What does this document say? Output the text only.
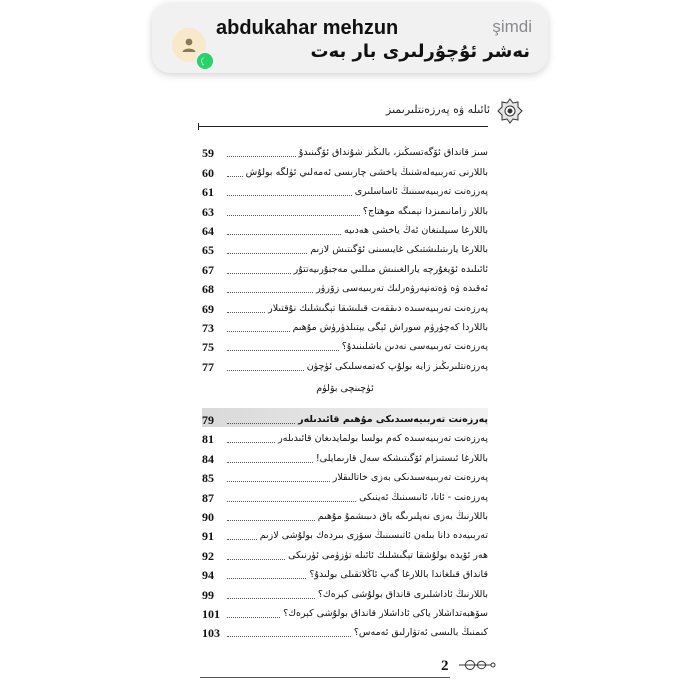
abdukahar mehzun	şimdi
نەشر ئۇچۇرلىرى بار بەت
ئائىلە ۋە پەرزەنتلىرىمىز
59	سىز قانداق ئۆگەتسىڭىز، بالىڭىز شۇنداق ئۆگىنىدۇ
60	باللارنى تەربىيەلەشنىڭ ياخشى چارىسى ئەمەلىي ئۈلگە بولۇش
61	پەرزەنت تەربىيەسىنىڭ ئاساسلىرى
63	باللار زامانىمىزدا نېمىگە موھتاج؟
64	باللارغا سىيلىنغان ئەڭ ياخشى ھەدىيە
65	باللارغا يارىتىلىشتىكى غايىسىنى ئۆگىتىش لازىم
67	ئائىلىدە ئۆيغۇرچە يارالغىنىش مىللىي مەجبۇرىيەتتۇر
68	ئەقىدە ۋە ۋەتەنپەرۋەرلىك تەربىيەسى زۆرۈر
69	پەرزەنت تەربىيەسىدە دىققەت قىلىشقا تېگىشلىك نۇقتىلار
73	باللاردا كەچۈرۈم سوراش ئېگى يېتىلدۈرۈش مۇھىم
75	پەرزەنت تەربىيەسى نەدىن باشلىنىدۇ؟
77	پەرزەنتلىرىڭىز زايە بولۇپ كەتمەسلىكى ئۈچۈن
ئۈچىنچى بۆلۈم
79	پەرزەنت تەربىيەسىدىكى مۇھىم قائىدىلەر
81	پەرزەنت تەربىيەسىدە كەم بولسا بولمايدىغان قائىدىلەر
84	باللارغا ئىستىزام ئۆگىتىشكە سەل قارىمايلى!
85	پەرزەنت تەربىيەسىدىكى بەزى خاتالىقلار
87	پەرزەنت - ئاتا، ئانىسىنىڭ ئەينىكى
90	باللارنىڭ بەزى نەپلىرىگە باق دىبىشمۇ مۇھىم
91	تەربىيەدە دانا بىلەن ئاتىسىنىڭ سۆزى بىردەك بولۇشى لازىم
92	ھەر ئۆيدە بولۇشقا تېگىشلىك ئائىلە تۈزۈمى ئۈرنىكى
94	قانداق قىلغاندا باللارغا گەپ ئاڭلاتقىلى بولىدۇ؟
99	باللارنىڭ ئاداشلىرى قانداق بولۇشى كېرەك؟
101	سۆھبەتداشلار ياكى ئاداشلار قانداق بولۇشى كېرەك؟
103	كىمنىڭ بالىسى ئەتۋارلىق ئەمەس؟
2
